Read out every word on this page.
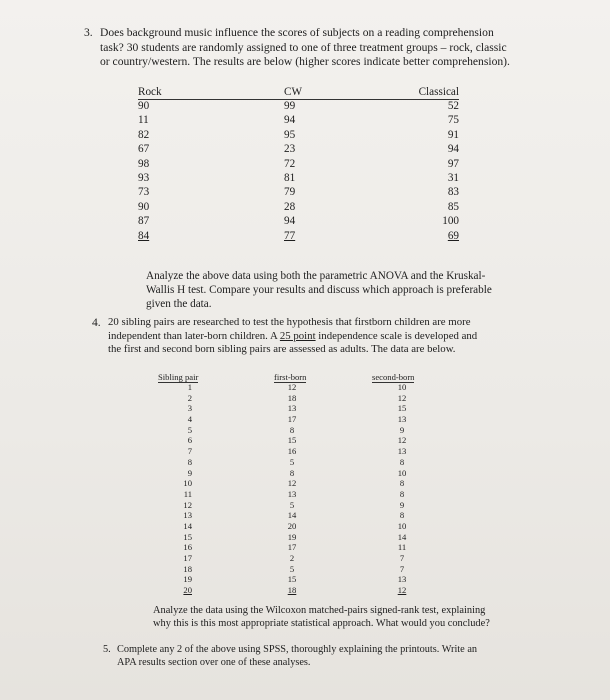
3. Does background music influence the scores of subjects on a reading comprehension
task? 30 students are randomly assigned to one of three treatment groups – rock, classic
or country/western. The results are below (higher scores indicate better comprehension).
Rock	CW	Classical
90	99	52
11	94	75
82	95	91
67	23	94
98	72	97
93	81	31
73	79	83
90	28	85
87	94	100
84	77	69
Analyze the above data using both the parametric ANOVA and the Kruskal-
Wallis H test. Compare your results and discuss which approach is preferable
given the data.
4. 20 sibling pairs are researched to test the hypothesis that firstborn children are more
independent than later-born children. A 25 point independence scale is developed and
the first and second born sibling pairs are assessed as adults. The data are below.
Sibling pair	first-born	second-born
1	12	10
2	18	12
3	13	15
4	17	13
5	8	9
6	15	12
7	16	13
8	5	8
9	8	10
10	12	8
11	13	8
12	5	9
13	14	8
14	20	10
15	19	14
16	17	11
17	2	7
18	5	7
19	15	13
20	18	12
Analyze the data using the Wilcoxon matched-pairs signed-rank test, explaining
why this is this most appropriate statistical approach. What would you conclude?
5. Complete any 2 of the above using SPSS, thoroughly explaining the printouts. Write an
APA results section over one of these analyses.
